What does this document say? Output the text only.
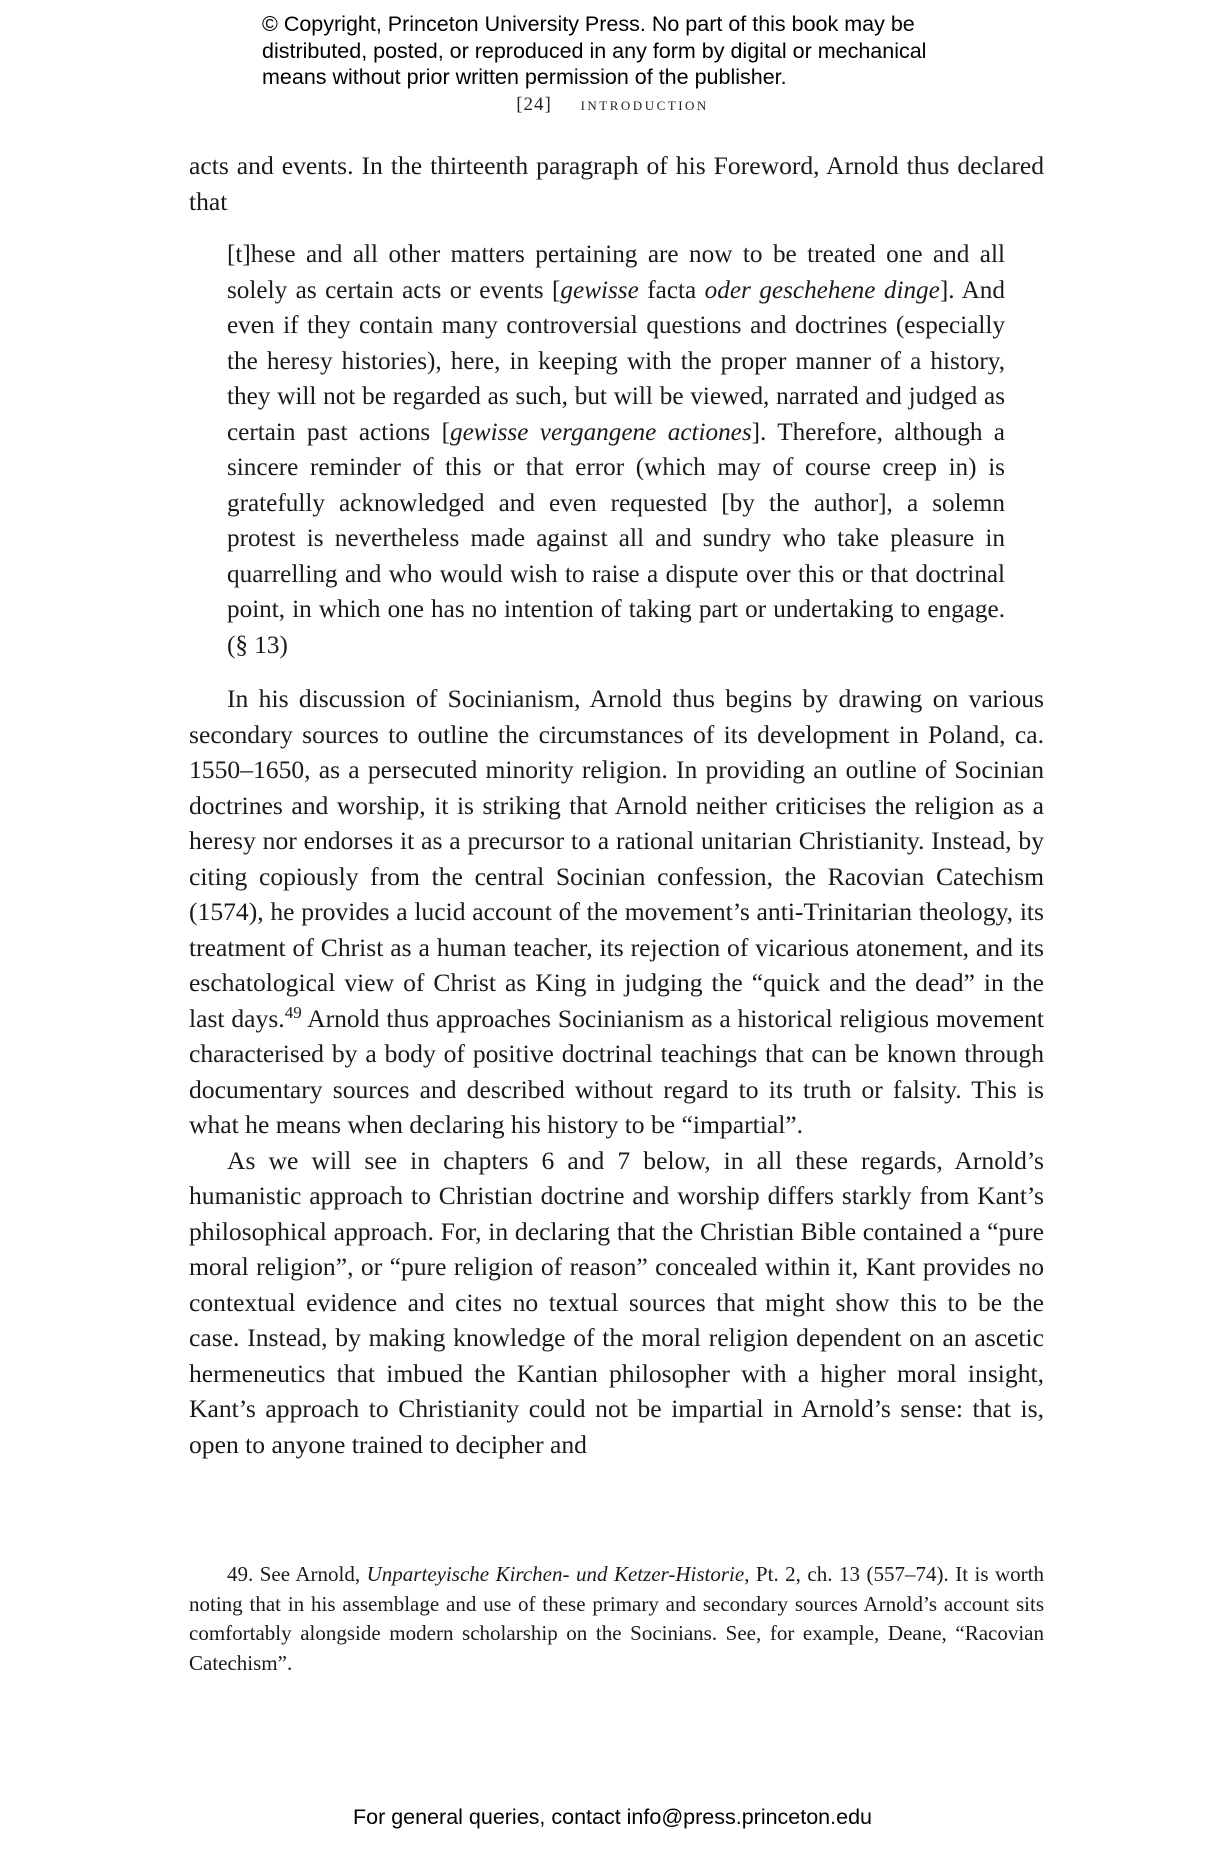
© Copyright, Princeton University Press. No part of this book may be
distributed, posted, or reproduced in any form by digital or mechanical
means without prior written permission of the publisher.
[24] introduction

acts and events. In the thirteenth paragraph of his Foreword, Arnold thus declared that

[t]hese and all other matters pertaining are now to be treated one and all solely as certain acts or events [gewisse facta oder geschehene dinge]. And even if they contain many controversial questions and doctrines (especially the heresy histories), here, in keeping with the proper manner of a history, they will not be regarded as such, but will be viewed, narrated and judged as certain past actions [gewisse vergangene actiones]. Therefore, although a sincere reminder of this or that error (which may of course creep in) is gratefully acknowledged and even requested [by the author], a solemn protest is nevertheless made against all and sundry who take pleasure in quarrelling and who would wish to raise a dispute over this or that doctrinal point, in which one has no intention of taking part or undertaking to engage. (§ 13)

In his discussion of Socinianism, Arnold thus begins by drawing on various secondary sources to outline the circumstances of its development in Poland, ca. 1550–1650, as a persecuted minority religion. In providing an outline of Socinian doctrines and worship, it is striking that Arnold neither criticises the religion as a heresy nor endorses it as a precursor to a rational unitarian Christianity. Instead, by citing copiously from the central Socinian confession, the Racovian Catechism (1574), he provides a lucid account of the movement’s anti-Trinitarian theology, its treatment of Christ as a human teacher, its rejection of vicarious atonement, and its eschatological view of Christ as King in judging the “quick and the dead” in the last days.$^{49}$ Arnold thus approaches Socinianism as a historical religious movement characterised by a body of positive doctrinal teachings that can be known through documentary sources and described without regard to its truth or falsity. This is what he means when declaring his history to be “impartial”.

As we will see in chapters 6 and 7 below, in all these regards, Arnold’s humanistic approach to Christian doctrine and worship differs starkly from Kant’s philosophical approach. For, in declaring that the Christian Bible contained a “pure moral religion”, or “pure religion of reason” concealed within it, Kant provides no contextual evidence and cites no textual sources that might show this to be the case. Instead, by making knowledge of the moral religion dependent on an ascetic hermeneutics that imbued the Kantian philosopher with a higher moral insight, Kant’s approach to Christianity could not be impartial in Arnold’s sense: that is, open to anyone trained to decipher and

49. See Arnold, Unparteyische Kirchen- und Ketzer-Historie, Pt. 2, ch. 13 (557–74). It is worth noting that in his assemblage and use of these primary and secondary sources Arnold’s account sits comfortably alongside modern scholarship on the Socinians. See, for example, Deane, “Racovian Catechism”.

For general queries, contact info@press.princeton.edu
